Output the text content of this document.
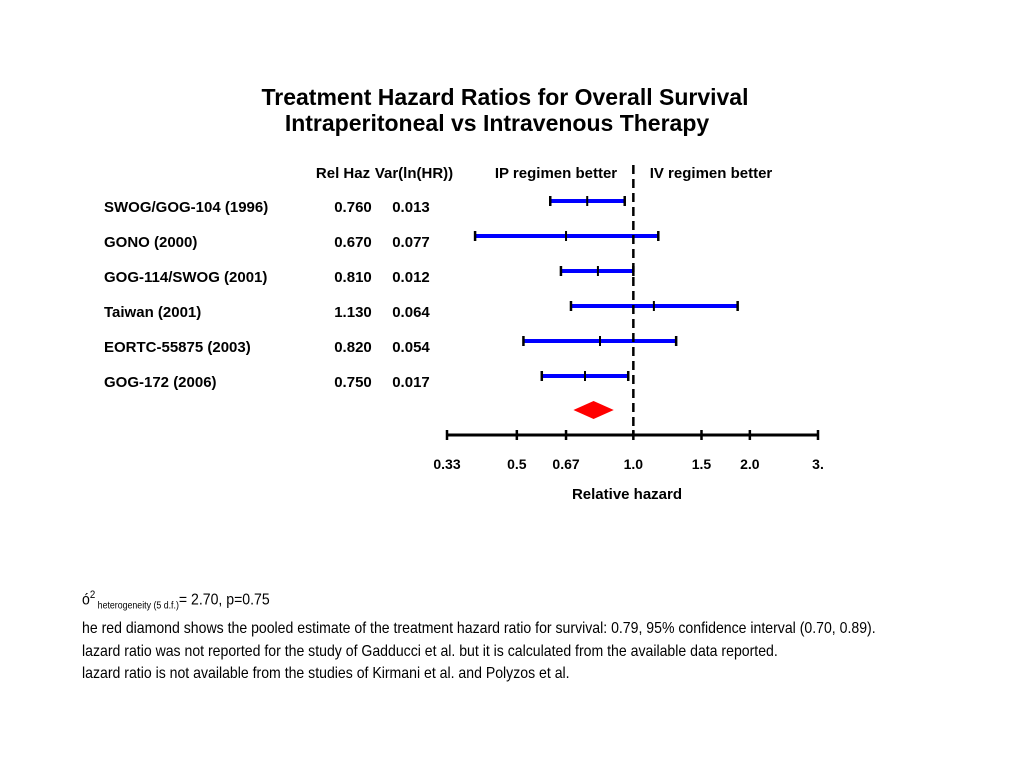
Treatment Hazard Ratios for Overall Survival
Intraperitoneal vs Intravenous Therapy
Rel Haz Var(ln(HR))	IP regimen better IV regimen better
SWOG/GOG-104 (1996)	0.760 0.013
GONO (2000)	0.670 0.077
GOG-114/SWOG (2001)	0.810 0.012
Taiwan (2001)	1.130 0.064
EORTC-55875 (2003)	0.820 0.054
GOG-172 (2006)	0.750 0.017
0.33	0.5 0.67	1.0	1.5 2.0	3.
Relative hazard
$ó^2$ $_{heterogeneity (5 d.f.)}$= 2.70, p=0.75
he red diamond shows the pooled estimate of the treatment hazard ratio for survival: 0.79, 95% confidence interval (0.70, 0.89).
lazard ratio was not reported for the study of Gadducci et al. but it is calculated from the available data reported.
lazard ratio is not available from the studies of Kirmani et al. and Polyzos et al.
